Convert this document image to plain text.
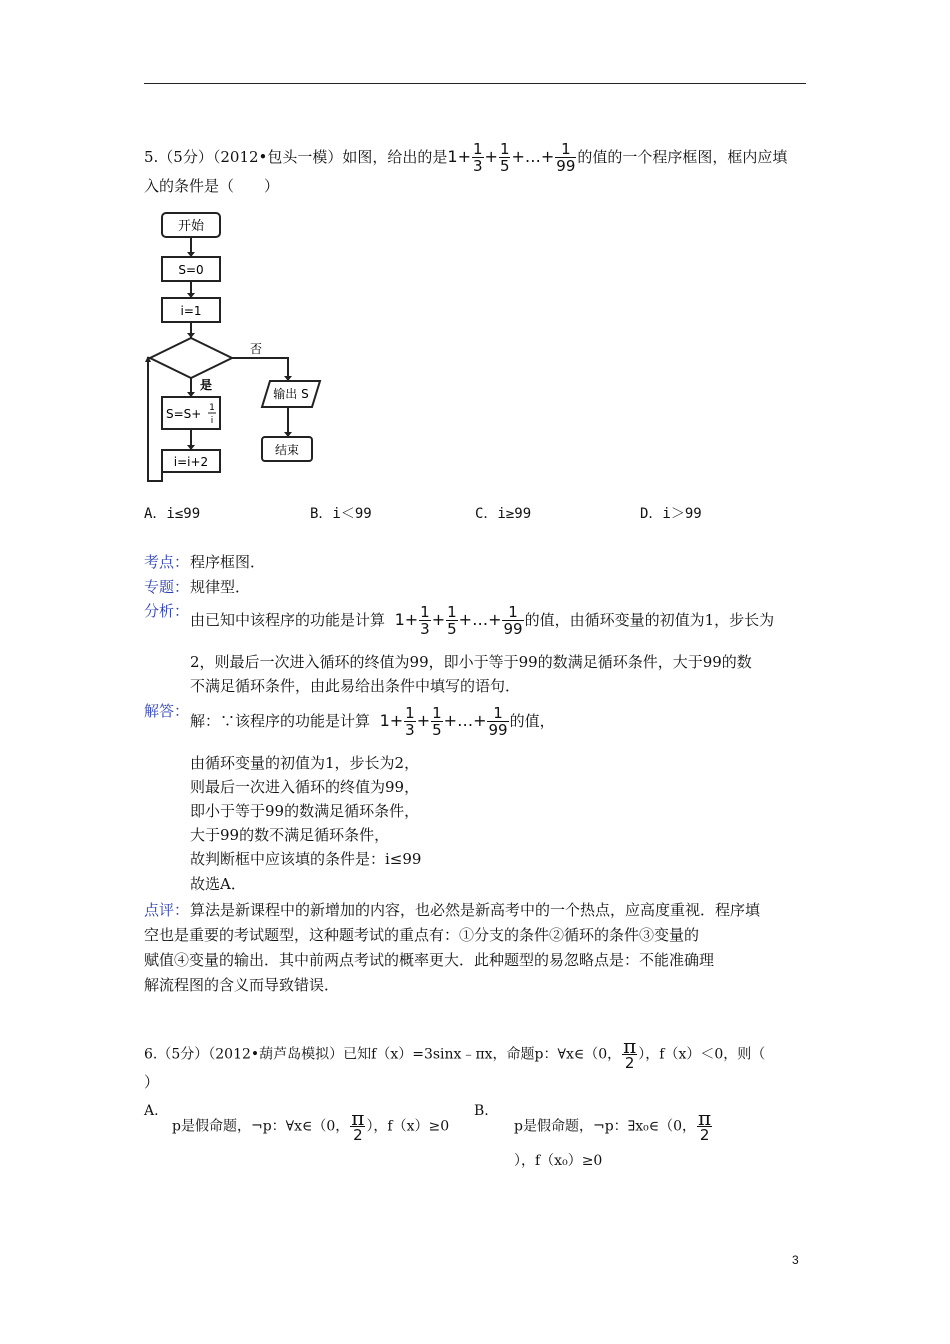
5.（5分）（2012•包头一模）如图，给出的是$1+ \frac{1}{3} + \frac{1}{5}$ +…+ $\frac{1}{99}$ 的值的一个程序框图，框内应填
入的条件是（　　）
开始
S=0
i=1
否
是
S=S+ 1
i
i=i+2
输出 S
结束
A．i≤99	B．i＜99	C．i≥99	D．i＞99
考点： 程序框图．
专题： 规律型．
分析： 由已知中该程序的功能是计算 $1+ \frac{1}{3} + \frac{1}{5}$ +…+ $\frac{1}{99}$ 的值，由循环变量的初值为1，步长为
2，则最后一次进入循环的终值为99，即小于等于99的数满足循环条件，大于99的数
不满足循环条件，由此易给出条件中填写的语句．
解答：
解：∵该程序的功能是计算 $1+ \frac{1}{3} + \frac{1}{5}$ +…+ $\frac{1}{99}$ 的值，
由循环变量的初值为1，步长为2，
则最后一次进入循环的终值为99，
即小于等于99的数满足循环条件，
大于99的数不满足循环条件，
故判断框中应该填的条件是：i≤99
故选A．
点评： 算法是新课程中的新增加的内容，也必然是新高考中的一个热点，应高度重视．程序填
空也是重要的考试题型，这种题考试的重点有：①分支的条件②循环的条件③变量的
赋值④变量的输出．其中前两点考试的概率更大．此种题型的易忽略点是：不能准确理
解流程图的含义而导致错误．
6.（5分）（2012•葫芦岛模拟）已知f（x）=3sinx﹣πx，命题p：∀x∈（0， $\frac{\pi}{2}$ ），f（x）＜0，则（
）
A.
p是假命题，¬p：∀x∈（0， $\frac{\pi}{2}$ ），f（x）≥0
B.
p是假命题，¬p：∃x₀∈（0， $\frac{\pi}{2}$
），f（x₀）≥0
3
